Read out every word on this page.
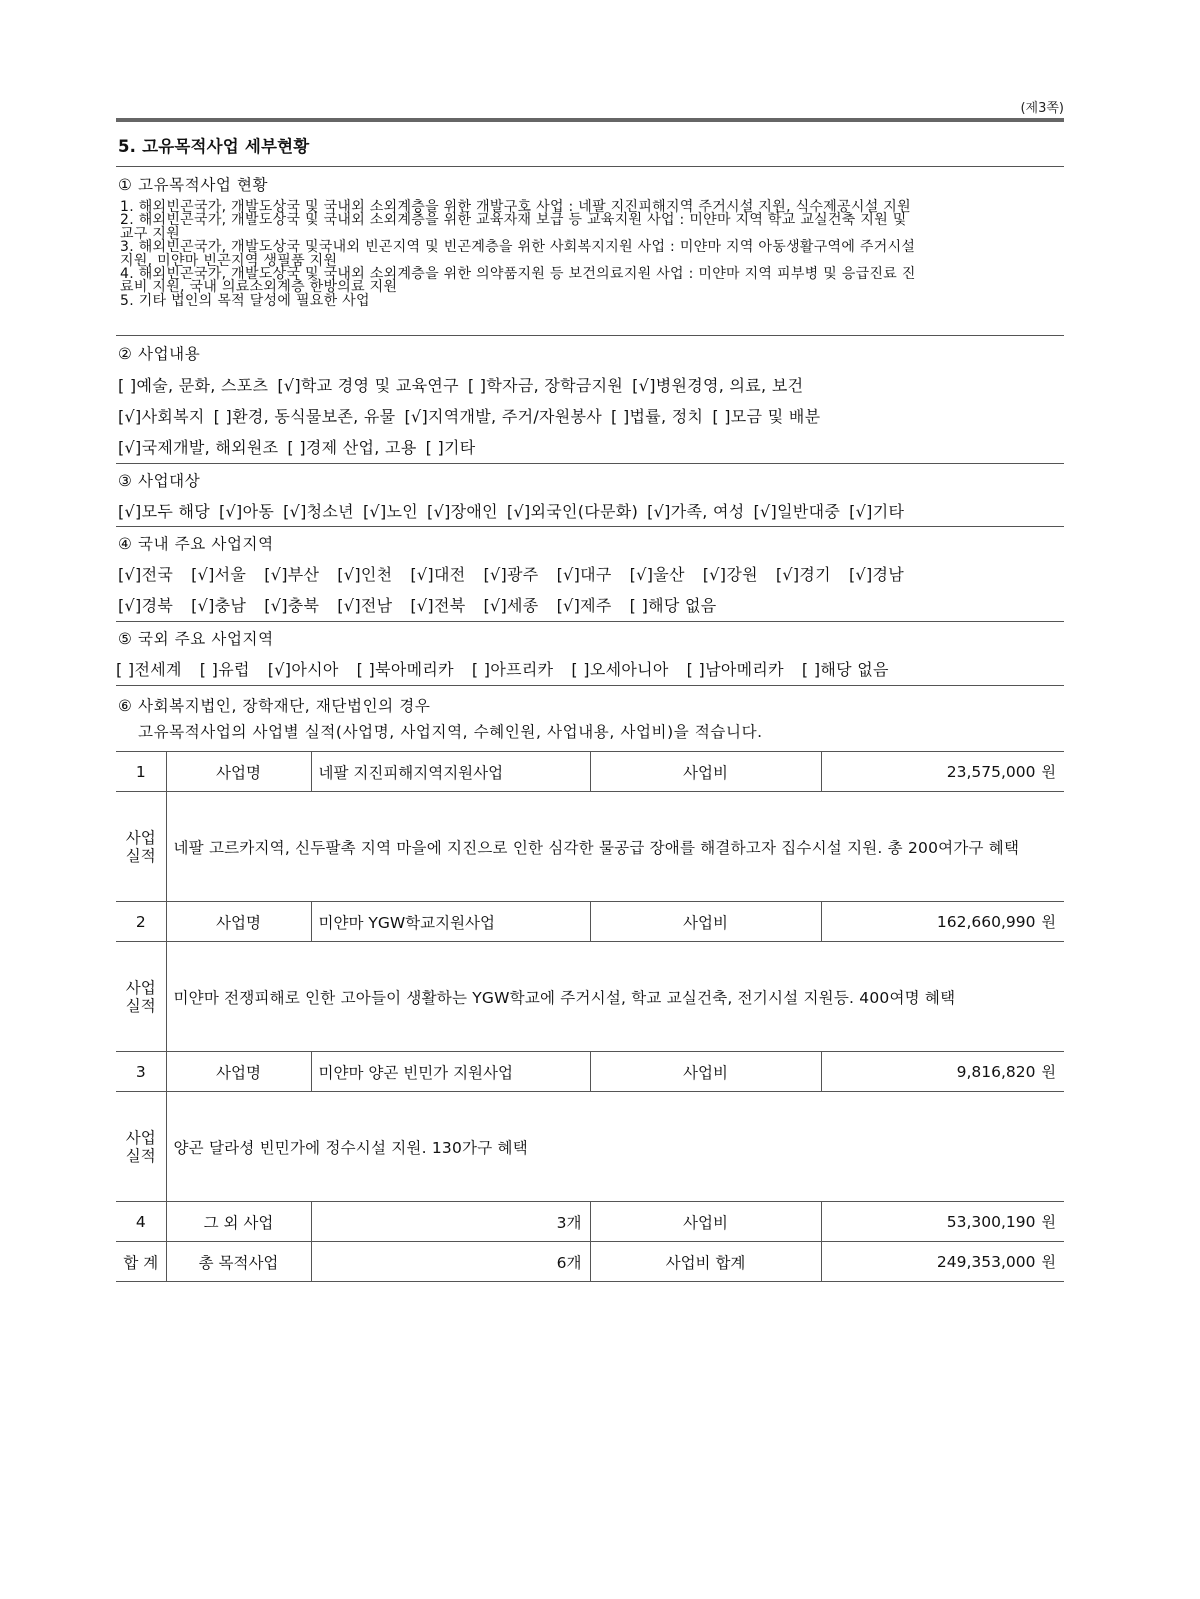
(제3쪽)
5. 고유목적사업 세부현황
① 고유목적사업 현황
1. 해외빈곤국가, 개발도상국 및 국내외 소외계층을 위한 개발구호 사업 : 네팔 지진피해지역 주거시설 지원, 식수제공시설 지원
2. 해외빈곤국가, 개발도상국 및 국내외 소외계층을 위한 교육자재 보급 등 교육지원 사업 : 미얀마 지역 학교 교실건축 지원 및
교구 지원
3. 해외빈곤국가, 개발도상국 및국내외 빈곤지역 및 빈곤계층을 위한 사회복지지원 사업 : 미얀마 지역 아동생활구역에 주거시설
지원, 미얀마 빈곤지역 생필품 지원
4. 해외빈곤국가, 개발도상국 및 국내외 소외계층을 위한 의약품지원 등 보건의료지원 사업 : 미얀마 지역 피부병 및 응급진료 진
료비 지원, 국내 의료소외계층 한방의료 지원
5. 기타 법인의 목적 달성에 필요한 사업
② 사업내용
[ ]예술, 문화, 스포츠 [√]학교 경영 및 교육연구 [ ]학자금, 장학금지원 [√]병원경영, 의료, 보건
[√]사회복지 [ ]환경, 동식물보존, 유물 [√]지역개발, 주거/자원봉사 [ ]법률, 정치 [ ]모금 및 배분
[√]국제개발, 해외원조 [ ]경제 산업, 고용 [ ]기타
③ 사업대상
[√]모두 해당 [√]아동 [√]청소년 [√]노인 [√]장애인 [√]외국인(다문화) [√]가족, 여성 [√]일반대중 [√]기타
④ 국내 주요 사업지역
[√]전국 [√]서울 [√]부산 [√]인천 [√]대전 [√]광주 [√]대구 [√]울산 [√]강원 [√]경기 [√]경남
[√]경북 [√]충남 [√]충북 [√]전남 [√]전북 [√]세종 [√]제주 [ ]해당 없음
⑤ 국외 주요 사업지역
[ ]전세계 [ ]유럽 [√]아시아 [ ]북아메리카 [ ]아프리카 [ ]오세아니아 [ ]남아메리카 [ ]해당 없음
⑥ 사회복지법인, 장학재단, 재단법인의 경우
고유목적사업의 사업별 실적(사업명, 사업지역, 수혜인원, 사업내용, 사업비)을 적습니다.
1	사업명	네팔 지진피해지역지원사업	사업비	23,575,000 원
사업
실적	네팔 고르카지역, 신두팔촉 지역 마을에 지진으로 인한 심각한 물공급 장애를 해결하고자 집수시설 지원. 총 200여가구 혜택			
2	사업명	미얀마 YGW학교지원사업	사업비	162,660,990 원
사업
실적	미얀마 전쟁피해로 인한 고아들이 생활하는 YGW학교에 주거시설, 학교 교실건축, 전기시설 지원등. 400여명 혜택			
3	사업명	미얀마 양곤 빈민가 지원사업	사업비	9,816,820 원
사업
실적	양곤 달라셩 빈민가에 정수시설 지원. 130가구 혜택			
4	그 외 사업	3개	사업비	53,300,190 원
합 계	총 목적사업	6개	사업비 합계	249,353,000 원
